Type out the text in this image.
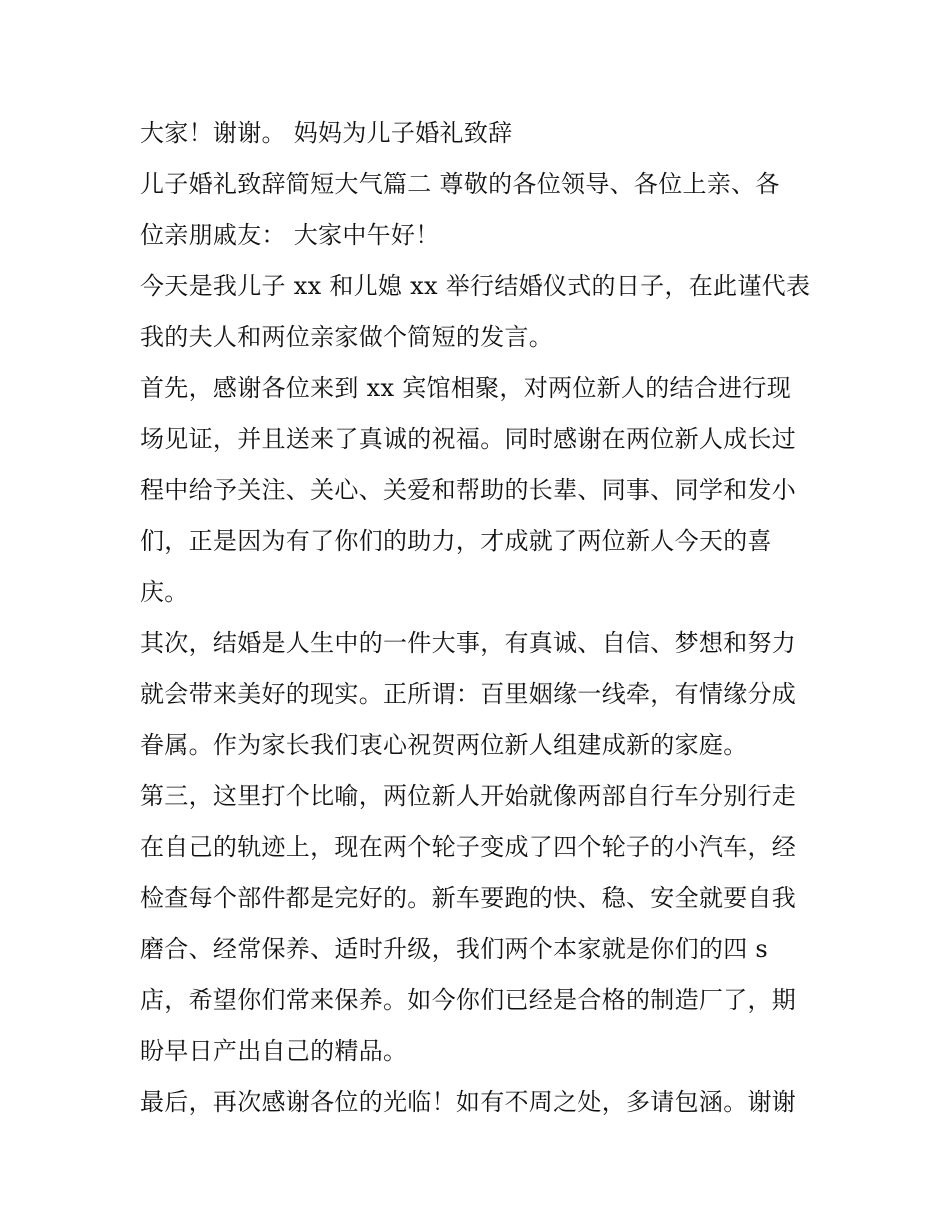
大家！谢谢。 妈妈为儿子婚礼致辞
儿子婚礼致辞简短大气篇二 尊敬的各位领导、各位上亲、各
位亲朋戚友： 大家中午好！
今天是我儿子 xx 和儿媳 xx 举行结婚仪式的日子，在此谨代表
我的夫人和两位亲家做个简短的发言。
首先，感谢各位来到 xx 宾馆相聚，对两位新人的结合进行现
场见证，并且送来了真诚的祝福。同时感谢在两位新人成长过
程中给予关注、关心、关爱和帮助的长辈、同事、同学和发小
们，正是因为有了你们的助力，才成就了两位新人今天的喜
庆。
其次，结婚是人生中的一件大事，有真诚、自信、梦想和努力
就会带来美好的现实。正所谓：百里姻缘一线牵，有情缘分成
眷属。作为家长我们衷心祝贺两位新人组建成新的家庭。
第三，这里打个比喻，两位新人开始就像两部自行车分别行走
在自己的轨迹上，现在两个轮子变成了四个轮子的小汽车，经
检查每个部件都是完好的。新车要跑的快、稳、安全就要自我
磨合、经常保养、适时升级，我们两个本家就是你们的四 s
店，希望你们常来保养。如今你们已经是合格的制造厂了，期
盼早日产出自己的精品。
最后，再次感谢各位的光临！如有不周之处，多请包涵。谢谢
